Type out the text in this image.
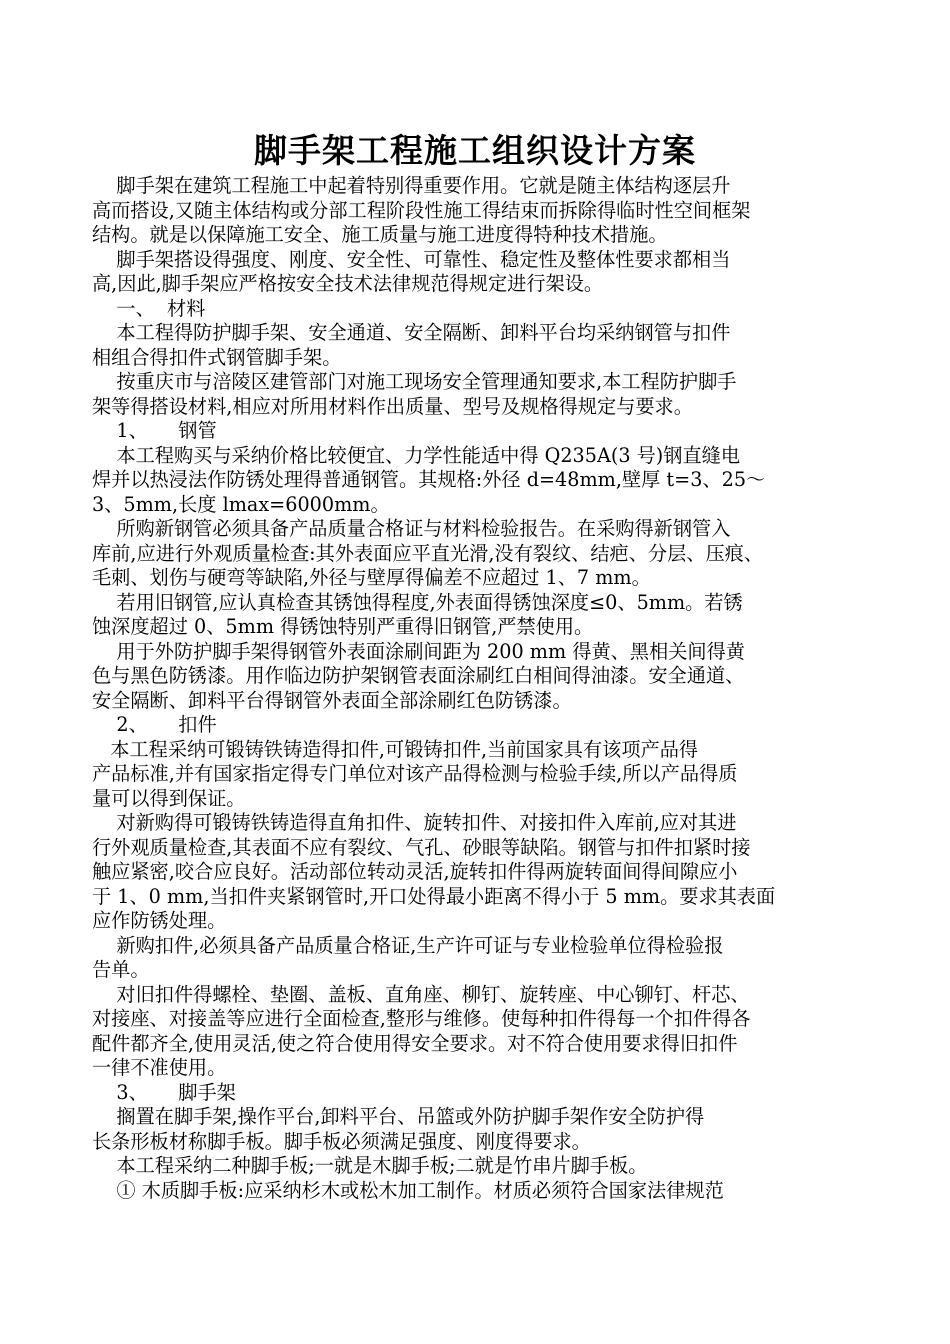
脚手架工程施工组织设计方案
脚手架在建筑工程施工中起着特别得重要作用。它就是随主体结构逐层升
高而搭设,又随主体结构或分部工程阶段性施工得结束而拆除得临时性空间框架
结构。就是以保障施工安全、施工质量与施工进度得特种技术措施。
脚手架搭设得强度、刚度、安全性、可靠性、稳定性及整体性要求都相当
高,因此,脚手架应严格按安全技术法律规范得规定进行架设。
一、  材料
本工程得防护脚手架、安全通道、安全隔断、卸料平台均采纳钢管与扣件
相组合得扣件式钢管脚手架。
按重庆市与涪陵区建管部门对施工现场安全管理通知要求,本工程防护脚手
架等得搭设材料,相应对所用材料作出质量、型号及规格得规定与要求。
1、     钢管
本工程购买与采纳价格比较便宜、力学性能适中得 Q235A(3 号)钢直缝电
焊并以热浸法作防锈处理得普通钢管。其规格:外径 d=48mm,壁厚 t=3、25～
3、5mm,长度 lmax=6000mm。
所购新钢管必须具备产品质量合格证与材料检验报告。在采购得新钢管入
库前,应进行外观质量检查:其外表面应平直光滑,没有裂纹、结疤、分层、压痕、
毛刺、划伤与硬弯等缺陷,外径与壁厚得偏差不应超过 1、7 mm。
若用旧钢管,应认真检查其锈蚀得程度,外表面得锈蚀深度≤0、5mm。若锈
蚀深度超过 0、5mm 得锈蚀特别严重得旧钢管,严禁使用。
用于外防护脚手架得钢管外表面涂刷间距为 200 mm 得黄、黑相关间得黄
色与黑色防锈漆。用作临边防护架钢管表面涂刷红白相间得油漆。安全通道、
安全隔断、卸料平台得钢管外表面全部涂刷红色防锈漆。
2、     扣件
本工程采纳可锻铸铁铸造得扣件,可锻铸扣件,当前国家具有该项产品得
产品标准,并有国家指定得专门单位对该产品得检测与检验手续,所以产品得质
量可以得到保证。
对新购得可锻铸铁铸造得直角扣件、旋转扣件、对接扣件入库前,应对其进
行外观质量检查,其表面不应有裂纹、气孔、砂眼等缺陷。钢管与扣件扣紧时接
触应紧密,咬合应良好。活动部位转动灵活,旋转扣件得两旋转面间得间隙应小
于 1、0 mm,当扣件夹紧钢管时,开口处得最小距离不得小于 5 mm。要求其表面
应作防锈处理。
新购扣件,必须具备产品质量合格证,生产许可证与专业检验单位得检验报
告单。
对旧扣件得螺栓、垫圈、盖板、直角座、柳钉、旋转座、中心铆钉、杆芯、
对接座、对接盖等应进行全面检查,整形与维修。使每种扣件得每一个扣件得各
配件都齐全,使用灵活,使之符合使用得安全要求。对不符合使用要求得旧扣件
一律不准使用。
3、     脚手架
搁置在脚手架,操作平台,卸料平台、吊篮或外防护脚手架作安全防护得
长条形板材称脚手板。脚手板必须满足强度、刚度得要求。
本工程采纳二种脚手板;一就是木脚手板;二就是竹串片脚手板。
① 木质脚手板:应采纳杉木或松木加工制作。材质必须符合国家法律规范
